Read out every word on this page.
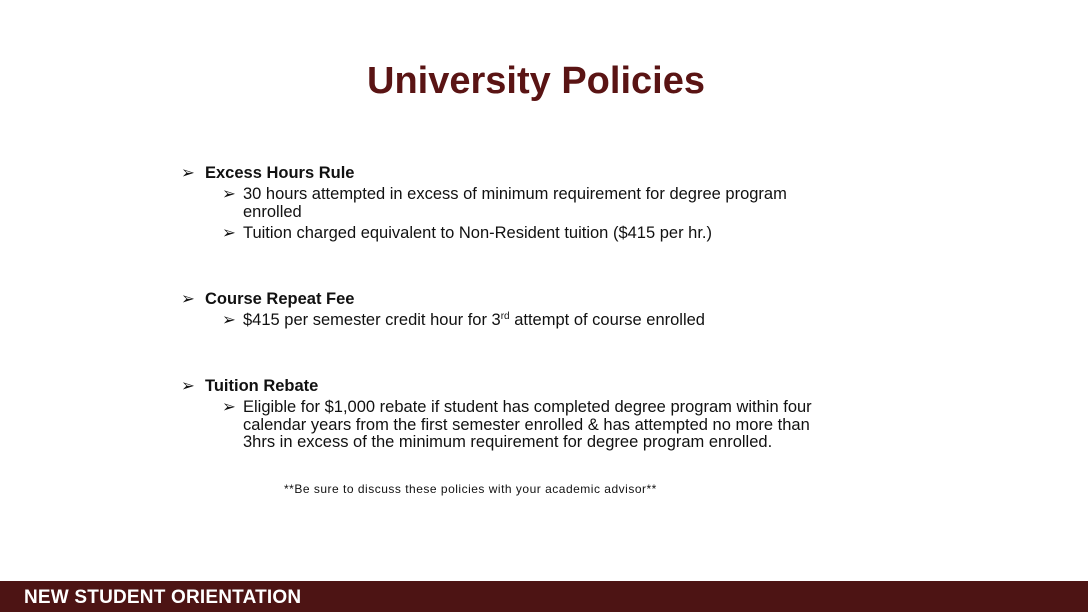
University Policies
➢ Excess Hours Rule
➢ 30 hours attempted in excess of minimum requirement for degree program enrolled
➢ Tuition charged equivalent to Non-Resident tuition ($415 per hr.)
➢ Course Repeat Fee
➢ $415 per semester credit hour for 3rd attempt of course enrolled
➢ Tuition Rebate
➢ Eligible for $1,000 rebate if student has completed degree program within four calendar years from the first semester enrolled & has attempted no more than 3hrs in excess of the minimum requirement for degree program enrolled.
**Be sure to discuss these policies with your academic advisor**
NEW STUDENT ORIENTATION
